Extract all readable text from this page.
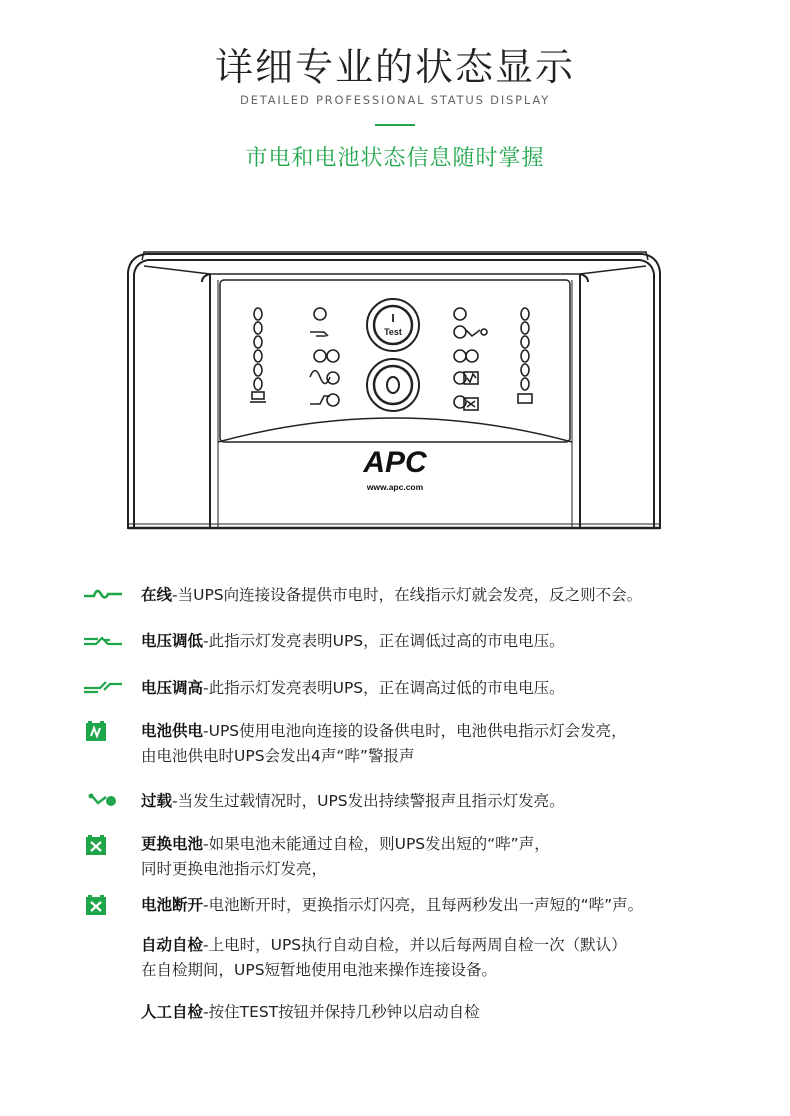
详细专业的状态显示
DETAILED PROFESSIONAL STATUS DISPLAY
市电和电池状态信息随时掌握
Test
APC
www.apc.com
在线-当UPS向连接设备提供市电时，在线指示灯就会发亮，反之则不会。
电压调低-此指示灯发亮表明UPS，正在调低过高的市电电压。
电压调高-此指示灯发亮表明UPS，正在调高过低的市电电压。
电池供电-UPS使用电池向连接的设备供电时，电池供电指示灯会发亮，
由电池供电时UPS会发出4声“哔”警报声
过载-当发生过载情况时，UPS发出持续警报声且指示灯发亮。
更换电池-如果电池未能通过自检，则UPS发出短的“哔”声，
同时更换电池指示灯发亮，
电池断开-电池断开时，更换指示灯闪亮，且每两秒发出一声短的“哔”声。
自动自检-上电时，UPS执行自动自检，并以后每两周自检一次（默认）
在自检期间，UPS短暂地使用电池来操作连接设备。
人工自检-按住TEST按钮并保持几秒钟以启动自检
